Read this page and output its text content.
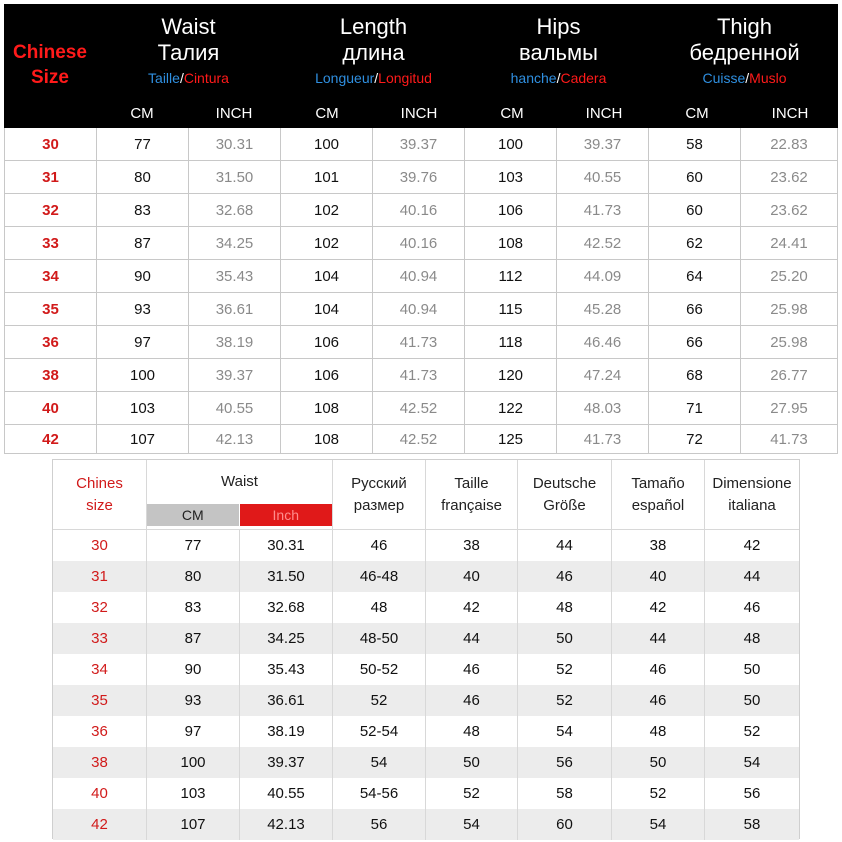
Chinese
Size
Waist
Талия
Taille/Cintura
Length
длина
Longueur/Longitud
Hips
вальмы
hanche/Cadera
Thigh
бедренной
Cuisse/Muslo
CM	INCH	CM	INCH	CM	INCH	CM	INCH
30	77	30.31	100	39.37	100	39.37	58	22.83
31	80	31.50	101	39.76	103	40.55	60	23.62
32	83	32.68	102	40.16	106	41.73	60	23.62
33	87	34.25	102	40.16	108	42.52	62	24.41
34	90	35.43	104	40.94	112	44.09	64	25.20
35	93	36.61	104	40.94	115	45.28	66	25.98
36	97	38.19	106	41.73	118	46.46	66	25.98
38	100	39.37	106	41.73	120	47.24	68	26.77
40	103	40.55	108	42.52	122	48.03	71	27.95
42	107	42.13	108	42.52	125	41.73	72	41.73
Chines
size
Waist
CM	Inch
Русский
размер
Taille
française
Deutsche
Größe
Tamaño
español
Dimensione
italiana
30	77	30.31	46	38	44	38	42
31	80	31.50	46-48	40	46	40	44
32	83	32.68	48	42	48	42	46
33	87	34.25	48-50	44	50	44	48
34	90	35.43	50-52	46	52	46	50
35	93	36.61	52	46	52	46	50
36	97	38.19	52-54	48	54	48	52
38	100	39.37	54	50	56	50	54
40	103	40.55	54-56	52	58	52	56
42	107	42.13	56	54	60	54	58
